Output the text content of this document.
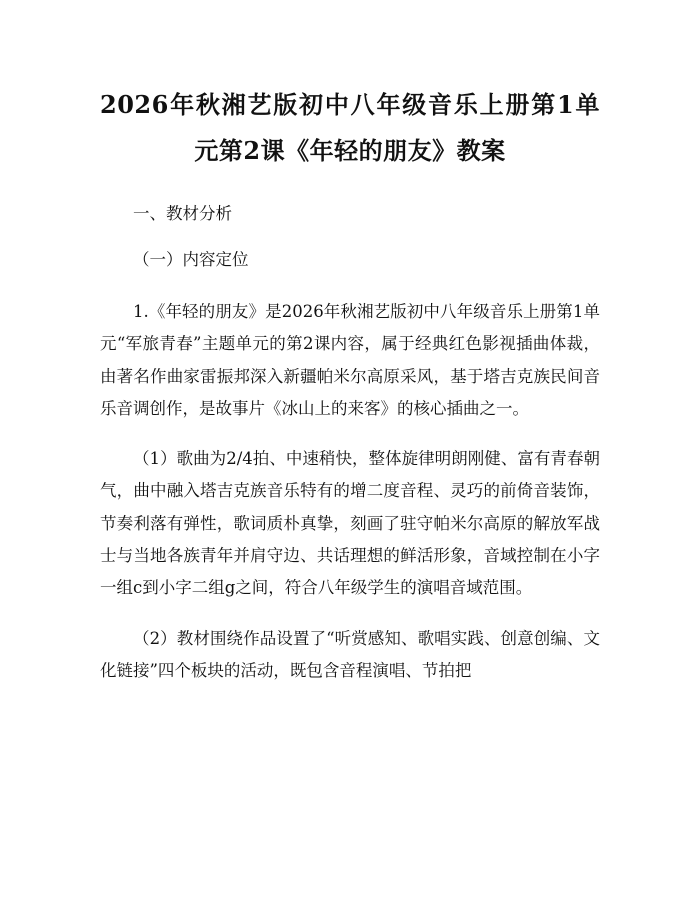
2026年秋湘艺版初中八年级音乐上册第1单元第2课《年轻的朋友》教案

一、教材分析

（一）内容定位

1.《年轻的朋友》是2026年秋湘艺版初中八年级音乐上册第1单元“军旅青春”主题单元的第2课内容，属于经典红色影视插曲体裁，由著名作曲家雷振邦深入新疆帕米尔高原采风，基于塔吉克族民间音乐音调创作，是故事片《冰山上的来客》的核心插曲之一。

（1）歌曲为2/4拍、中速稍快，整体旋律明朗刚健、富有青春朝气，曲中融入塔吉克族音乐特有的增二度音程、灵巧的前倚音装饰，节奏利落有弹性，歌词质朴真挚，刻画了驻守帕米尔高原的解放军战士与当地各族青年并肩守边、共话理想的鲜活形象，音域控制在小字一组c到小字二组g之间，符合八年级学生的演唱音域范围。

（2）教材围绕作品设置了“听赏感知、歌唱实践、创意创编、文化链接”四个板块的活动，既包含音程演唱、节拍把
